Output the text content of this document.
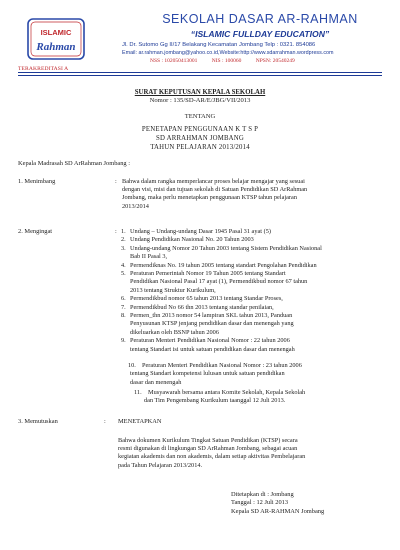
ISLAMIC
Rahman
TERAKREDITASI A
SEKOLAH DASAR AR-RAHMAN
“ISLAMIC FULLDAY EDUCATION”
Jl. Dr. Sutomo Gg II/17 Belakang Kecamatan Jombang Telp : 0321. 854086
Email: ar.rahman.jombang@yahoo.co.id,Website:http://www.sdarrahman.wordpress.com
NSS : 102050413001	NIS : 100060	NPSN: 20540249
SURAT KEPUTUSAN KEPALA SEKOLAH
Nomor : 135/SD-AR/E/JBG/VII/2013
TENTANG
PENETAPAN PENGGUNAAN K T S P
SD ARRAHMAN JOMBANG
TAHUN PELAJARAN 2013/2014
Kepala Madrasah SD ArRahman Jombang :
1. Menimbang	: Bahwa dalam rangka memperlancar proses belajar mengajar yang sesuai
dengan visi, misi dan tujuan sekolah di Satuan Pendidikan SD ArRahman
Jombang, maka perlu menetapkan penggunaan KTSP tahun pelajaran
2013/2014
2. Mengingat	: 1. Undang – Undang-undang Dasar 1945 Pasal 31 ayat (5)
2. Undang Pendidikan Nasional No. 20 Tahun 2003
3. Undang-undang Nomor 20 Tahun 2003 tentang Sistem Pendidikan Nasional
Bab II Pasal 3,
4. Permendiknas No. 19 tahun 2005 tentang standart Pengolahan Pendidikan
5. Peraturan Pemerintah Nomor 19 Tahun 2005 tentang Standart
Pendidikan Nasional Pasal 17 ayat (1), Permendikbud nomor 67 tahun
2013 tentang Struktur Kurikulum,
6. Permendikbud nomor 65 tahun 2013 tentang Standar Proses,
7. Permendikbud No 66 thn 2013 tentang standar penilaian,
8. Permen_thn 2013 nomor 54 lampiran SKL tahun 2013, Panduan
Penyusunan KTSP jenjang pendidikan dasar dan menengah yang
dikeluarkan oleh BSNP tahun 2006
9. Peraturan Menteri Pendidikan Nasional Nomor : 22 tahun 2006
tentang Standart isi untuk satuan pendidikan dasar dan menengah
10. Peraturan Menteri Pendidikan Nasional Nomor : 23 tahun 2006
tentang Standart kompetensi lulusan untuk satuan pendidikan
dasar dan menengah
11. Musyawarah bersama antara Komite Sekolah, Kepala Sekolah
dan Tim Pengembang Kurikulum taanggal 12 Juli 2013.
3. Memutuskan	: MENETAPKAN
Bahwa dokumen Kurikulum Tingkat Satuan Pendidikan (KTSP) secara
resmi digunakan di lingkungan SD ArRahman Jombang, sebagai acuan
kegiatan akademis dan non akademis, dalam setiap aktivitas Pembelajaran
pada Tahun Pelajaran 2013/2014.
Ditetapkan di : Jombang
Tanggal : 12 Juli 2013
Kepala SD AR-RAHMAN Jombang
